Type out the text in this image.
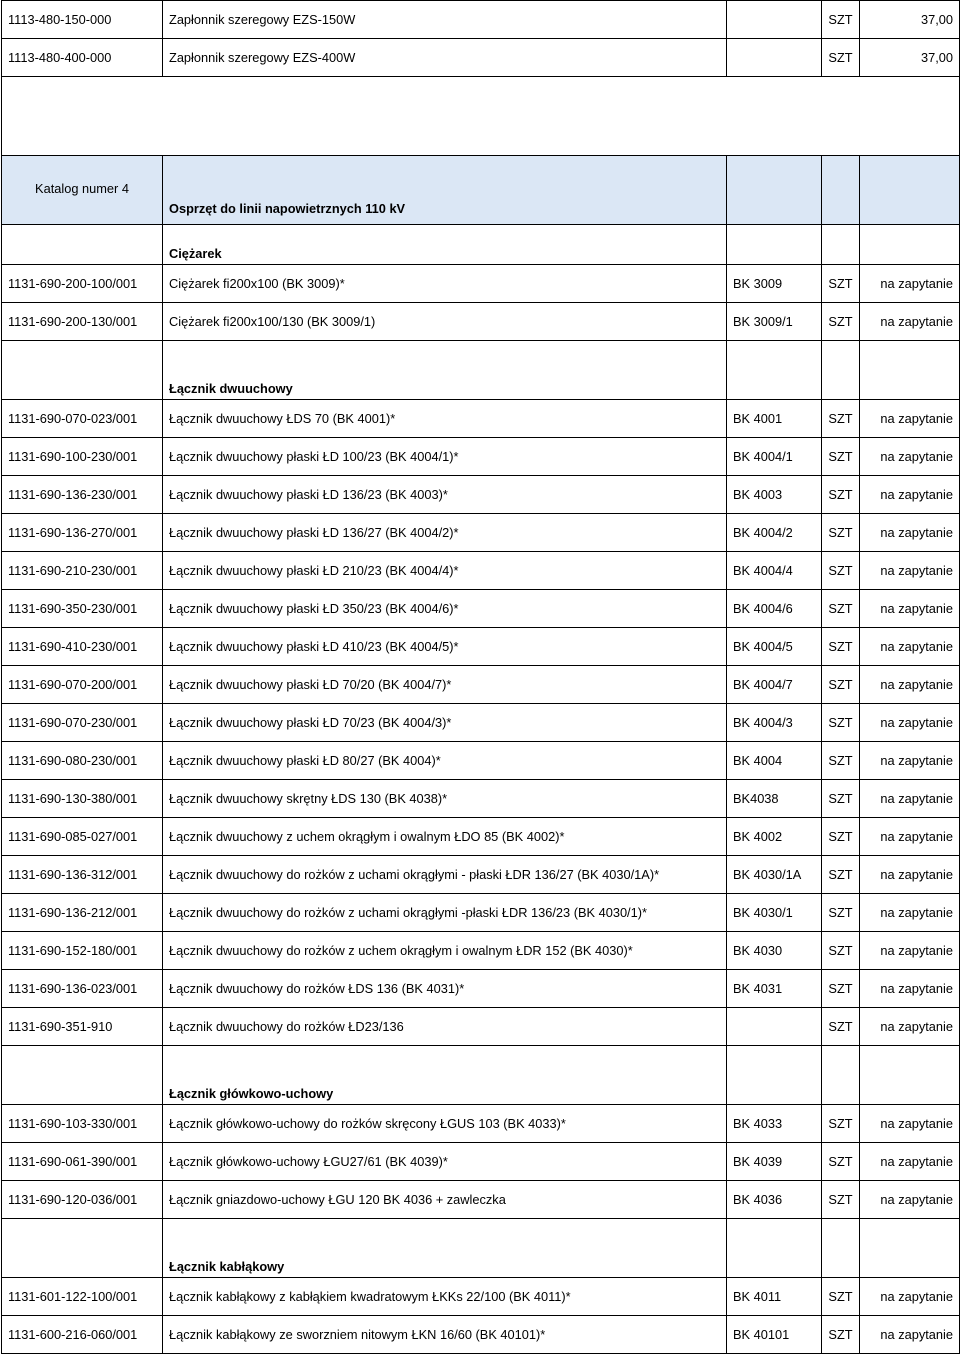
1113-480-150-000	Zapłonnik szeregowy EZS-150W		SZT	37,00
1113-480-400-000	Zapłonnik szeregowy EZS-400W		SZT	37,00

Katalog numer 4	Osprzęt do linii napowietrznych 110 kV			
	Ciężarek			
1131-690-200-100/001	Ciężarek fi200x100 (BK 3009)*	BK 3009	SZT	na zapytanie
1131-690-200-130/001	Ciężarek fi200x100/130 (BK 3009/1)	BK 3009/1	SZT	na zapytanie
	Łącznik dwuuchowy			
1131-690-070-023/001	Łącznik dwuuchowy ŁDS 70 (BK 4001)*	BK 4001	SZT	na zapytanie
1131-690-100-230/001	Łącznik dwuuchowy płaski ŁD 100/23 (BK 4004/1)*	BK 4004/1	SZT	na zapytanie
1131-690-136-230/001	Łącznik dwuuchowy płaski ŁD 136/23 (BK 4003)*	BK 4003	SZT	na zapytanie
1131-690-136-270/001	Łącznik dwuuchowy płaski ŁD 136/27 (BK 4004/2)*	BK 4004/2	SZT	na zapytanie
1131-690-210-230/001	Łącznik dwuuchowy płaski ŁD 210/23 (BK 4004/4)*	BK 4004/4	SZT	na zapytanie
1131-690-350-230/001	Łącznik dwuuchowy płaski ŁD 350/23 (BK 4004/6)*	BK 4004/6	SZT	na zapytanie
1131-690-410-230/001	Łącznik dwuuchowy płaski ŁD 410/23 (BK 4004/5)*	BK 4004/5	SZT	na zapytanie
1131-690-070-200/001	Łącznik dwuuchowy płaski ŁD 70/20 (BK 4004/7)*	BK 4004/7	SZT	na zapytanie
1131-690-070-230/001	Łącznik dwuuchowy płaski ŁD 70/23 (BK 4004/3)*	BK 4004/3	SZT	na zapytanie
1131-690-080-230/001	Łącznik dwuuchowy płaski ŁD 80/27 (BK 4004)*	BK 4004	SZT	na zapytanie
1131-690-130-380/001	Łącznik dwuuchowy skrętny ŁDS 130 (BK 4038)*	BK4038	SZT	na zapytanie
1131-690-085-027/001	Łącznik dwuuchowy z uchem okrągłym i owalnym ŁDO 85 (BK 4002)*	BK 4002	SZT	na zapytanie
1131-690-136-312/001	Łącznik dwuuchowy do rożków z uchami okrągłymi - płaski ŁDR 136/27 (BK 4030/1A)*	BK 4030/1A	SZT	na zapytanie
1131-690-136-212/001	Łącznik dwuuchowy do rożków z uchami okrągłymi -płaski ŁDR 136/23 (BK 4030/1)*	BK 4030/1	SZT	na zapytanie
1131-690-152-180/001	Łącznik dwuuchowy do rożków z uchem okrągłym i owalnym ŁDR 152 (BK 4030)*	BK 4030	SZT	na zapytanie
1131-690-136-023/001	Łącznik dwuuchowy do rożków ŁDS 136 (BK 4031)*	BK 4031	SZT	na zapytanie
1131-690-351-910	Łącznik dwuuchowy do rożków ŁD23/136		SZT	na zapytanie
	Łącznik główkowo-uchowy			
1131-690-103-330/001	Łącznik główkowo-uchowy do rożków skręcony ŁGUS 103 (BK 4033)*	BK 4033	SZT	na zapytanie
1131-690-061-390/001	Łącznik główkowo-uchowy ŁGU27/61 (BK 4039)*	BK 4039	SZT	na zapytanie
1131-690-120-036/001	Łącznik gniazdowo-uchowy ŁGU 120 BK 4036 + zawleczka	BK 4036	SZT	na zapytanie
	Łącznik kabłąkowy			
1131-601-122-100/001	Łącznik kabłąkowy z kabłąkiem kwadratowym ŁKKs 22/100 (BK 4011)*	BK 4011	SZT	na zapytanie
1131-600-216-060/001	Łącznik kabłąkowy ze sworzniem nitowym ŁKN 16/60 (BK 40101)*	BK 40101	SZT	na zapytanie
